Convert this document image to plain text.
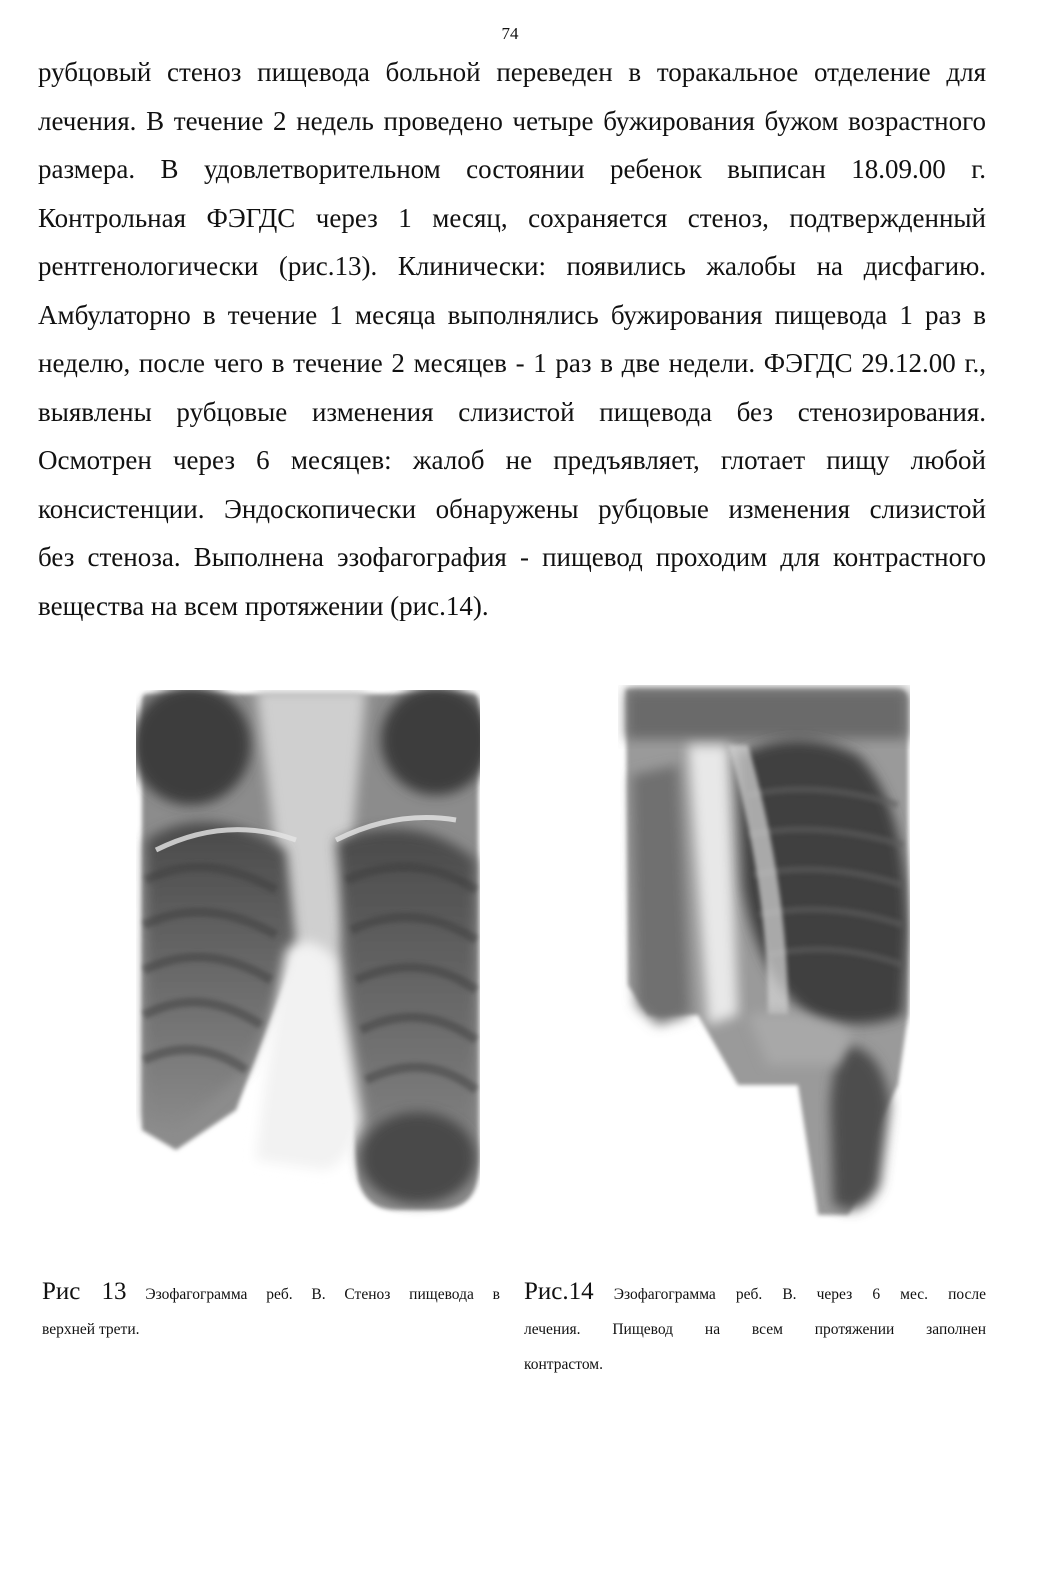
74
рубцовый стеноз пищевода больной переведен в торакальное отделение для
лечения. В течение 2 недель проведено четыре бужирования бужом возрастного
размера. В удовлетворительном состоянии ребенок выписан 18.09.00 г.
Контрольная ФЭГДС через 1 месяц, сохраняется стеноз, подтвержденный
рентгенологически (рис.13). Клинически: появились жалобы на дисфагию.
Амбулаторно в течение 1 месяца выполнялись бужирования пищевода 1 раз в
неделю, после чего в течение 2 месяцев - 1 раз в две недели. ФЭГДС 29.12.00 г.,
выявлены рубцовые изменения слизистой пищевода без стенозирования.
Осмотрен через 6 месяцев: жалоб не предъявляет, глотает пищу любой
консистенции. Эндоскопически обнаружены рубцовые изменения слизистой
без стеноза. Выполнена эзофагография - пищевод проходим для контрастного
вещества на всем протяжении (рис.14).
Рис 13 Эзофагограмма реб. В. Стеноз пищевода в
верхней трети.
Рис.14 Эзофагограмма реб. В. через 6 мес. после
лечения. Пищевод на всем протяжении заполнен
контрастом.
